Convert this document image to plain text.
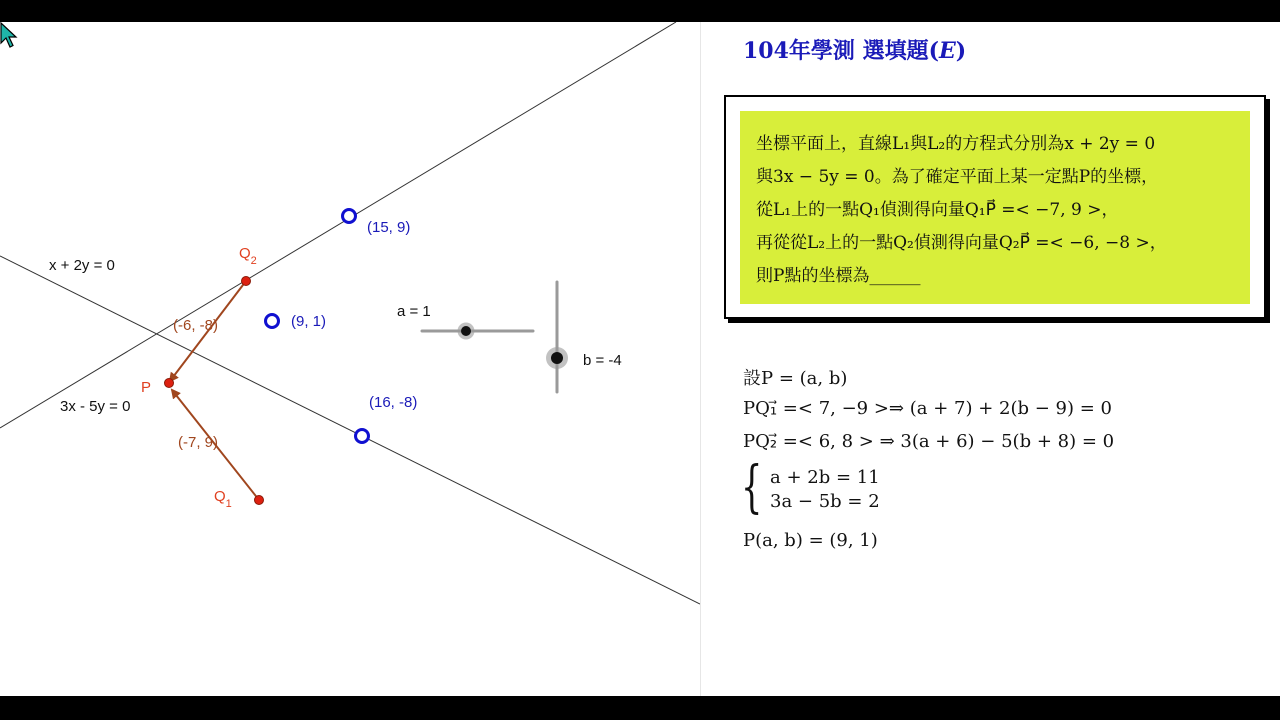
x + 2y = 0
3x - 5y = 0
(-6, -8)
(-7, 9)
$Q_2$
$Q_1$
P
(15, 9)
(9, 1)
(16, -8)
a = 1
b = -4
104年學測 選填題(E)
坐標平面上，直線L₁與L₂的方程式分別為x + 2y = 0
與3x − 5y = 0。為了確定平面上某一定點P的坐標，
從L₁上的一點Q₁偵測得向量Q₁P⃗ =< −7, 9 >，
再從從L₂上的一點Q₂偵測得向量Q₂P⃗ =< −6, −8 >，
則P點的坐標為______
設P = (a, b)
PQ₁⃗ =< 7, −9 >⇒ (a + 7) + 2(b − 9) = 0
PQ₂⃗ =< 6, 8 > ⇒ 3(a + 6) − 5(b + 8) = 0
{ a + 2b = 11
3a − 5b = 2
P(a, b) = (9, 1)
